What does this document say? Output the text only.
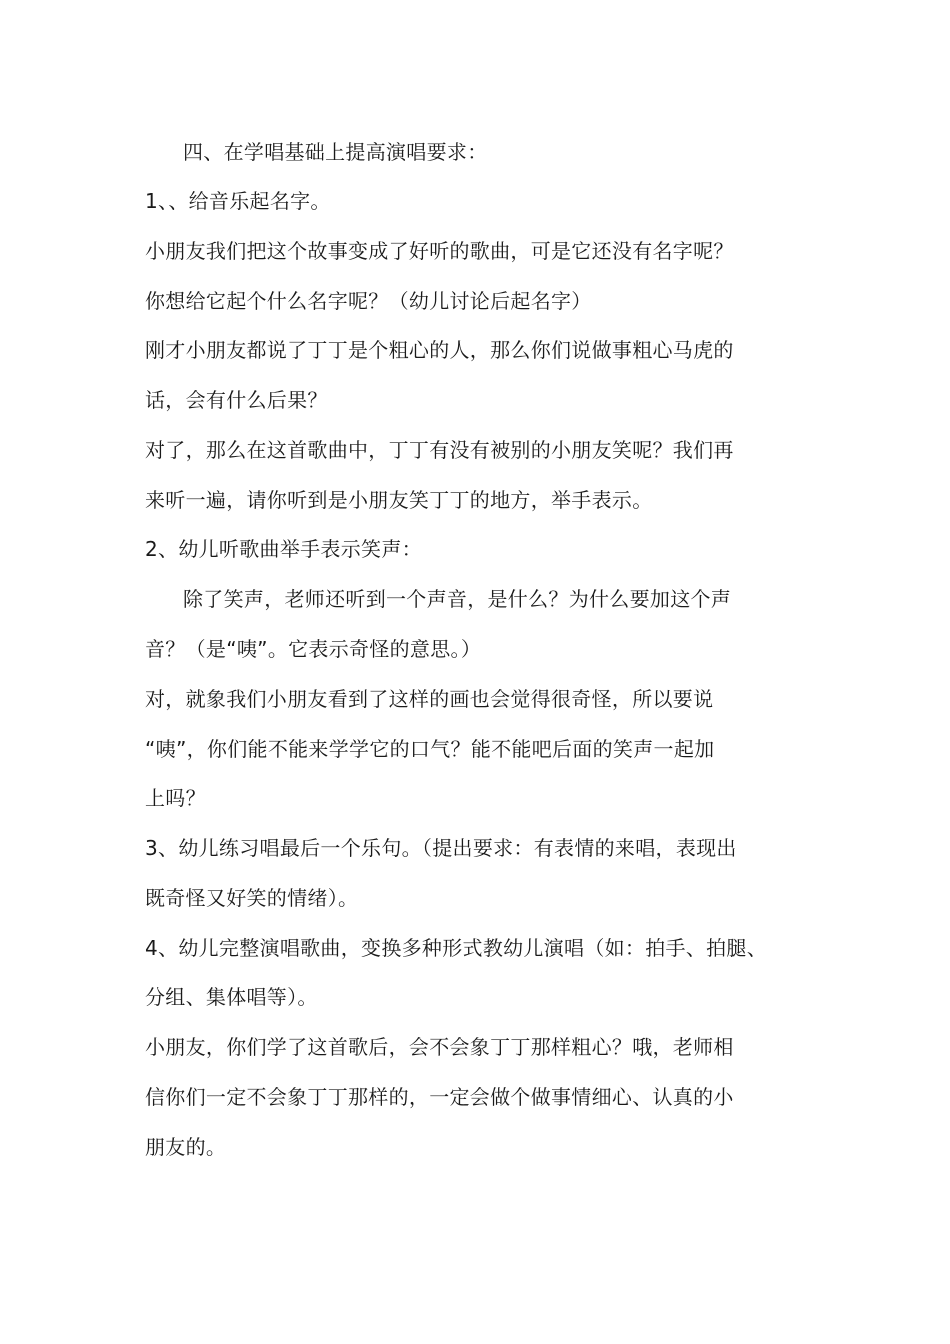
四、在学唱基础上提高演唱要求：
1、、给音乐起名字。
小朋友我们把这个故事变成了好听的歌曲，可是它还没有名字呢？
你想给它起个什么名字呢？（幼儿讨论后起名字）
刚才小朋友都说了丁丁是个粗心的人，那么你们说做事粗心马虎的
话，会有什么后果？
对了，那么在这首歌曲中，丁丁有没有被别的小朋友笑呢？我们再
来听一遍，请你听到是小朋友笑丁丁的地方，举手表示。
2、幼儿听歌曲举手表示笑声：
除了笑声，老师还听到一个声音，是什么？为什么要加这个声
音？（是“咦”。它表示奇怪的意思。）
对，就象我们小朋友看到了这样的画也会觉得很奇怪，所以要说
“咦”，你们能不能来学学它的口气？能不能吧后面的笑声一起加
上吗？
3、幼儿练习唱最后一个乐句。（提出要求：有表情的来唱，表现出
既奇怪又好笑的情绪）。
4、幼儿完整演唱歌曲，变换多种形式教幼儿演唱（如：拍手、拍腿、
分组、集体唱等）。
小朋友，你们学了这首歌后，会不会象丁丁那样粗心？哦，老师相
信你们一定不会象丁丁那样的，一定会做个做事情细心、认真的小
朋友的。
